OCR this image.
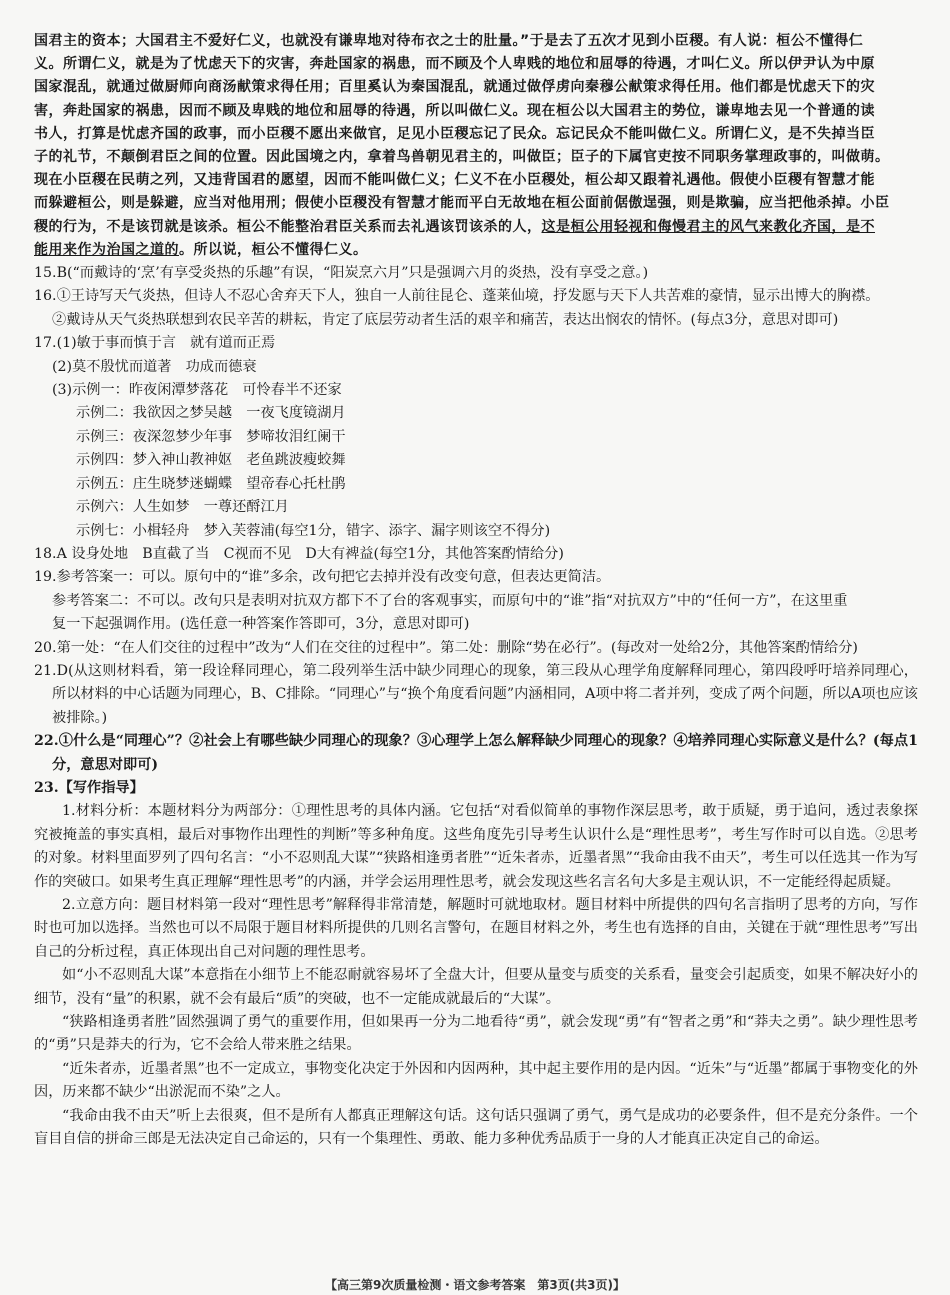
国君主的资本；大国君主不爱好仁义，也就没有谦卑地对待布衣之士的肚量。”于是去了五次才见到小臣稷。有人说：桓公不懂得仁

义。所谓仁义，就是为了忧虑天下的灾害，奔赴国家的祸患，而不顾及个人卑贱的地位和屈辱的待遇，才叫仁义。所以伊尹认为中原

国家混乱，就通过做厨师向商汤献策求得任用；百里奚认为秦国混乱，就通过做俘虏向秦穆公献策求得任用。他们都是忧虑天下的灾

害，奔赴国家的祸患，因而不顾及卑贱的地位和屈辱的待遇，所以叫做仁义。现在桓公以大国君主的势位，谦卑地去见一个普通的读

书人，打算是忧虑齐国的政事，而小臣稷不愿出来做官，足见小臣稷忘记了民众。忘记民众不能叫做仁义。所谓仁义，是不失掉当臣

子的礼节，不颠倒君臣之间的位置。因此国境之内，拿着鸟兽朝见君主的，叫做臣；臣子的下属官吏按不同职务掌理政事的，叫做萌。

现在小臣稷在民萌之列，又违背国君的愿望，因而不能叫做仁义；仁义不在小臣稷处，桓公却又跟着礼遇他。假使小臣稷有智慧才能

而躲避桓公，则是躲避，应当对他用刑；假使小臣稷没有智慧才能而平白无故地在桓公面前倨傲逞强，则是欺骗，应当把他杀掉。小臣

稷的行为，不是该罚就是该杀。桓公不能整治君臣关系而去礼遇该罚该杀的人，这是桓公用轻视和侮慢君主的风气来教化齐国，是不

能用来作为治国之道的。所以说，桓公不懂得仁义。

15.B(“而戴诗的‘烹’有享受炎热的乐趣”有误，“阳炭烹六月”只是强调六月的炎热，没有享受之意。)

16.①王诗写天气炎热，但诗人不忍心舍弃天下人，独自一人前往昆仑、蓬莱仙境，抒发愿与天下人共苦难的豪情，显示出博大的胸襟。

②戴诗从天气炎热联想到农民辛苦的耕耘，肯定了底层劳动者生活的艰辛和痛苦，表达出悯农的情怀。(每点3分，意思对即可)

17.(1)敏于事而慎于言　就有道而正焉

(2)莫不殷忧而道著　功成而德衰

(3)示例一：昨夜闲潭梦落花　可怜春半不还家

示例二：我欲因之梦吴越　一夜飞度镜湖月

示例三：夜深忽梦少年事　梦啼妆泪红阑干

示例四：梦入神山教神妪　老鱼跳波瘦蛟舞

示例五：庄生晓梦迷蝴蝶　望帝春心托杜鹃

示例六：人生如梦　一尊还酹江月

示例七：小楫轻舟　梦入芙蓉浦(每空1分，错字、添字、漏字则该空不得分)

18.A 设身处地　B直截了当　C视而不见　D大有裨益(每空1分，其他答案酌情给分)

19.参考答案一：可以。原句中的“谁”多余，改句把它去掉并没有改变句意，但表达更简洁。

参考答案二：不可以。改句只是表明对抗双方都下不了台的客观事实，而原句中的“谁”指“对抗双方”中的“任何一方”，在这里重

复一下起强调作用。(选任意一种答案作答即可，3分，意思对即可)

20.第一处：“在人们交往的过程中”改为“人们在交往的过程中”。第二处：删除“势在必行”。(每改对一处给2分，其他答案酌情给分)

21.D(从这则材料看，第一段诠释同理心，第二段列举生活中缺少同理心的现象，第三段从心理学角度解释同理心，第四段呼吁培养同理心，所以材料的中心话题为同理心，B、C排除。“同理心”与“换个角度看问题”内涵相同，A项中将二者并列，变成了两个问题，所以A项也应该被排除。)

22.①什么是“同理心”？②社会上有哪些缺少同理心的现象？③心理学上怎么解释缺少同理心的现象？④培养同理心实际意义是什么？(每点1分，意思对即可)

23.【写作指导】

1.材料分析：本题材料分为两部分：①理性思考的具体内涵。它包括“对看似简单的事物作深层思考，敢于质疑，勇于追问，透过表象探究被掩盖的事实真相，最后对事物作出理性的判断”等多种角度。这些角度先引导考生认识什么是“理性思考”，考生写作时可以自选。②思考的对象。材料里面罗列了四句名言：“小不忍则乱大谋”“狭路相逢勇者胜”“近朱者赤，近墨者黑”“我命由我不由天”，考生可以任选其一作为写作的突破口。如果考生真正理解“理性思考”的内涵，并学会运用理性思考，就会发现这些名言名句大多是主观认识，不一定能经得起质疑。

2.立意方向：题目材料第一段对“理性思考”解释得非常清楚，解题时可就地取材。题目材料中所提供的四句名言指明了思考的方向，写作时也可加以选择。当然也可以不局限于题目材料所提供的几则名言警句，在题目材料之外，考生也有选择的自由，关键在于就“理性思考”写出自己的分析过程，真正体现出自己对问题的理性思考。

如“小不忍则乱大谋”本意指在小细节上不能忍耐就容易坏了全盘大计，但要从量变与质变的关系看，量变会引起质变，如果不解决好小的细节，没有“量”的积累，就不会有最后“质”的突破，也不一定能成就最后的“大谋”。

“狭路相逢勇者胜”固然强调了勇气的重要作用，但如果再一分为二地看待“勇”，就会发现“勇”有“智者之勇”和“莽夫之勇”。缺少理性思考的“勇”只是莽夫的行为，它不会给人带来胜之结果。

“近朱者赤，近墨者黑”也不一定成立，事物变化决定于外因和内因两种，其中起主要作用的是内因。“近朱”与“近墨”都属于事物变化的外因，历来都不缺少“出淤泥而不染”之人。

“我命由我不由天”听上去很爽，但不是所有人都真正理解这句话。这句话只强调了勇气，勇气是成功的必要条件，但不是充分条件。一个盲目自信的拼命三郎是无法决定自己命运的，只有一个集理性、勇敢、能力多种优秀品质于一身的人才能真正决定自己的命运。

【高三第9次质量检测・语文参考答案　第3页(共3页)】
